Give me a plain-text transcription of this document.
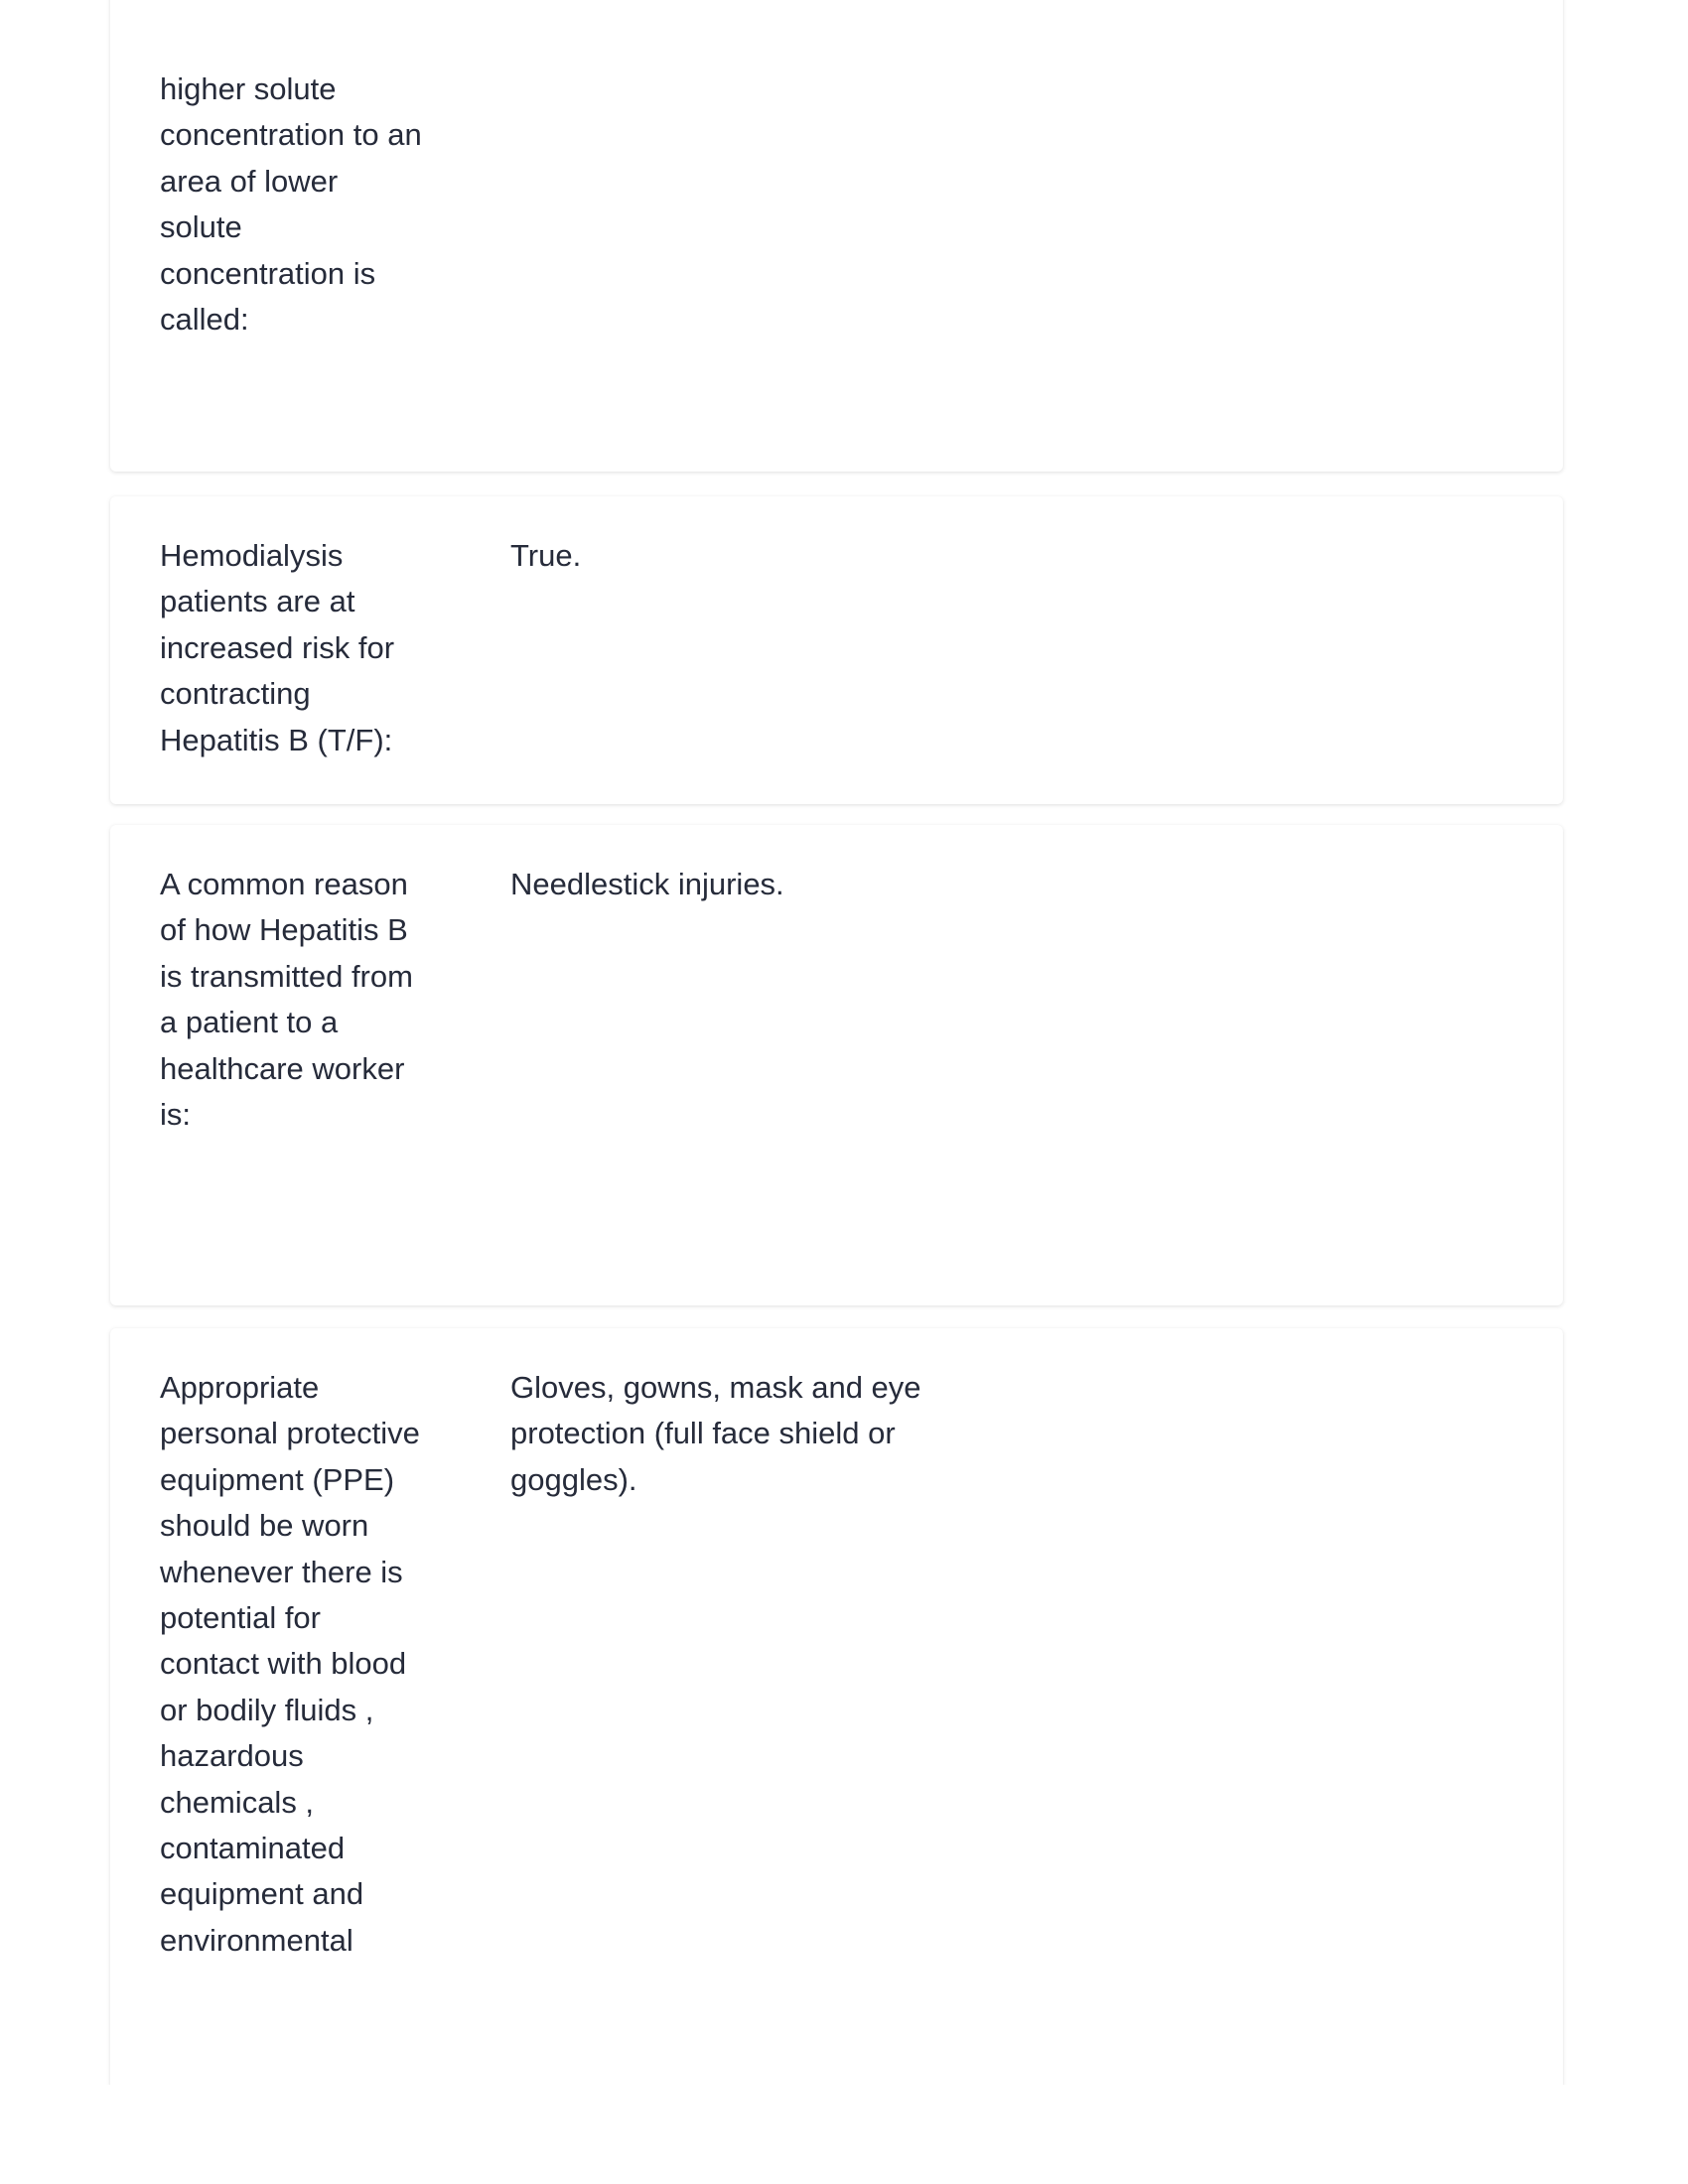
higher solute concentration to an area of lower solute concentration is called:
Hemodialysis patients are at increased risk for contracting Hepatitis B (T/F):
True.
A common reason of how Hepatitis B is transmitted from a patient to a healthcare worker is:
Needlestick injuries.
Appropriate personal protective equipment (PPE) should be worn whenever there is potential for contact with blood or bodily fluids , hazardous chemicals , contaminated equipment and environmental
Gloves, gowns, mask and eye protection (full face shield or goggles).
